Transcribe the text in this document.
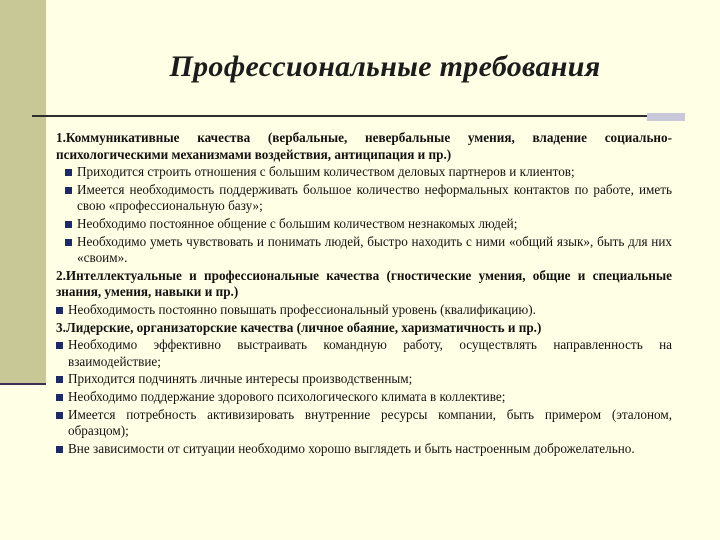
Профессиональные требования
1.Коммуникативные качества (вербальные, невербальные умения, владение социально-психологическими механизмами воздействия, антиципация и пр.)
Приходится строить отношения с большим количеством деловых партнеров и клиентов;
Имеется необходимость поддерживать большое количество неформальных контактов по работе, иметь свою «профессиональную базу»;
Необходимо постоянное общение с большим количеством незнакомых людей;
Необходимо уметь чувствовать и понимать людей, быстро находить с ними «общий язык», быть для них «своим».
2.Интеллектуальные и профессиональные качества (гностические умения, общие и специальные знания, умения, навыки и пр.)
Необходимость постоянно повышать профессиональный уровень (квалификацию).
3.Лидерские, организаторские качества (личное обаяние, харизматичность и пр.)
Необходимо эффективно выстраивать командную работу, осуществлять направленность на взаимодействие;
Приходится подчинять личные интересы производственным;
Необходимо поддержание здорового психологического климата в коллективе;
Имеется потребность активизировать внутренние ресурсы компании, быть примером (эталоном, образцом);
Вне зависимости от ситуации необходимо хорошо выглядеть и быть настроенным доброжелательно.
